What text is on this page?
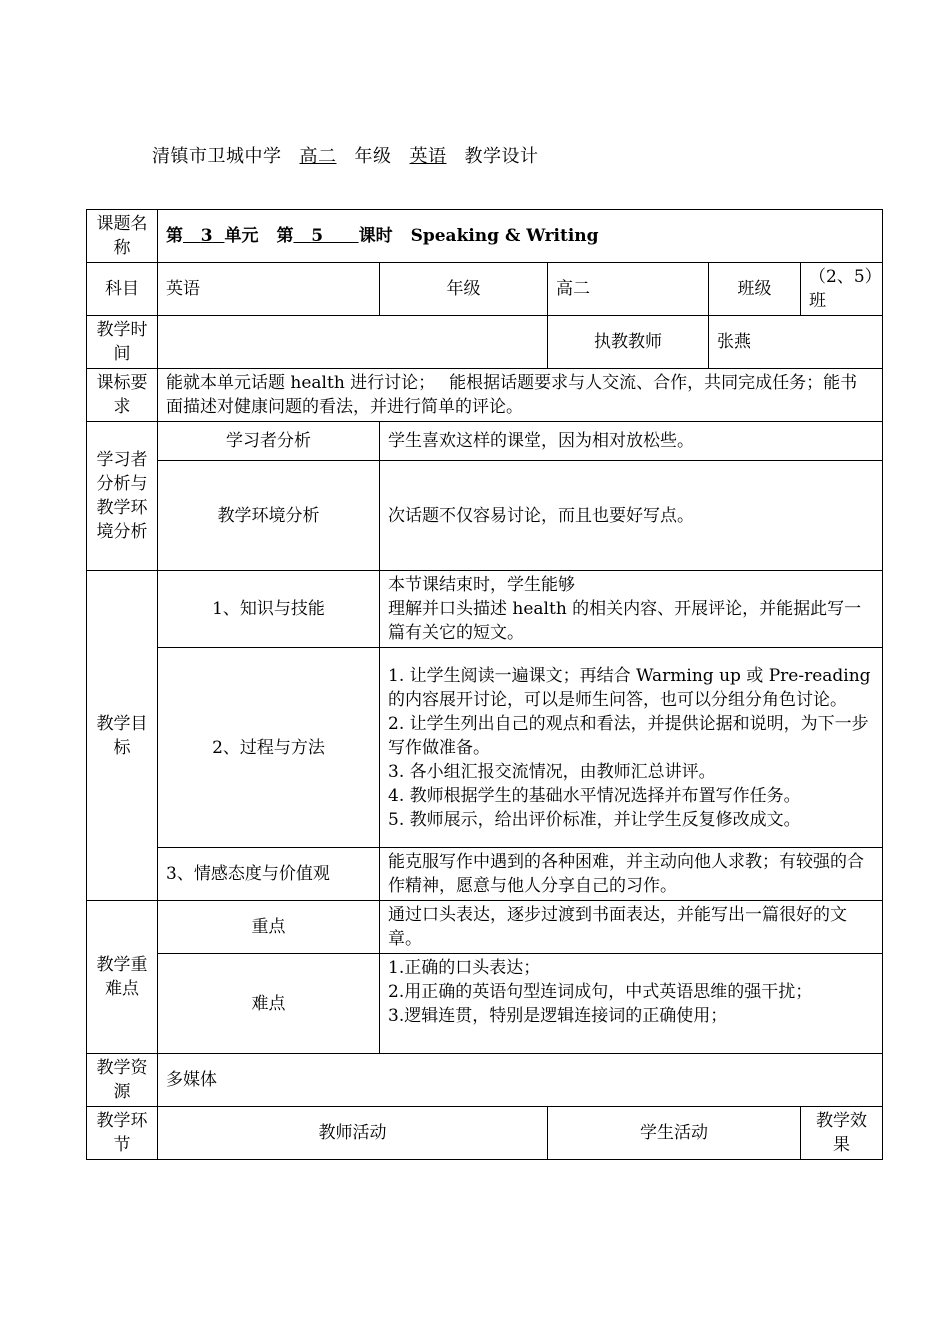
清镇市卫城中学 高二 年级 英语 教学设计
课题名称	第 3 单元 第 5 课时 Speaking & Writing				
科目	英语	年级	高二	班级	（2、5）班
教学时间			执教教师	张燕	
课标要求	能就本单元话题 health 进行讨论；　 能根据话题要求与人交流、合作，共同完成任务；能书面描述对健康问题的看法，并进行简单的评论。				
学习者分析与教学环境分析	学习者分析	学生喜欢这样的课堂，因为相对放松些。			
	教学环境分析	次话题不仅容易讨论，而且也要好写点。			
教学目标	1、知识与技能	本节课结束时，学生能够
理解并口头描述 health 的相关内容、开展评论，并能据此写一篇有关它的短文。			

	2、过程与方法	1. 让学生阅读一遍课文；再结合 Warming up 或 Pre-reading 的内容展开讨论，可以是师生问答，也可以分组分角色讨论。
2. 让学生列出自己的观点和看法，并提供论据和说明，为下一步写作做准备。
3. 各小组汇报交流情况，由教师汇总讲评。
4. 教师根据学生的基础水平情况选择并布置写作任务。
5. 教师展示，给出评价标准，并让学生反复修改成文。			

	3、情感态度与价值观	能克服写作中遇到的各种困难，并主动向他人求教；有较强的合作精神，愿意与他人分享自己的习作。			
教学重难点	重点	通过口头表达，逐步过渡到书面表达，并能写出一篇很好的文章。			
	难点	1.正确的口头表达；
2.用正确的英语句型连词成句，中式英语思维的强干扰；
3.逻辑连贯，特别是逻辑连接词的正确使用；			

教学资源	多媒体				
教学环节	教师活动		学生活动		教学效果
